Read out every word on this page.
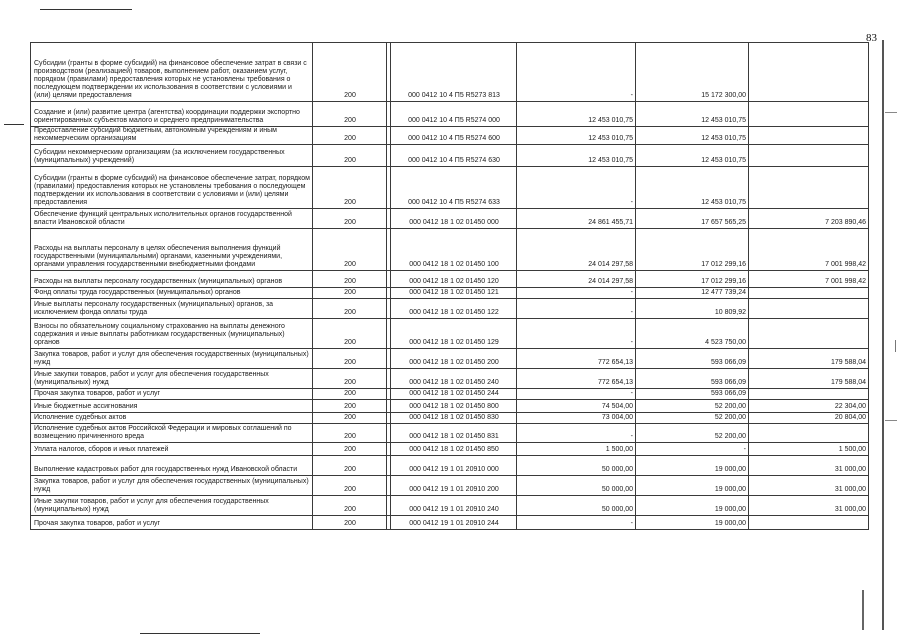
83
Субсидии (гранты в форме субсидий) на финансовое обеспечение затрат в связи с производством (реализацией) товаров, выполнением работ, оказанием услуг, порядком (правилами) предоставления которых не установлены требования о последующем подтверждении их использования в соответствии с условиями и (или) целями предоставления	200		000 0412 10 4 П5 R5273 813	-	15 172 300,00	
Создание и (или) развитие центра (агентства) координации поддержки экспортно ориентированных субъектов малого и среднего предпринимательства	200		000 0412 10 4 П5 R5274 000	12 453 010,75	12 453 010,75	
Предоставление субсидий бюджетным, автономным учреждениям и иным некоммерческим организациям	200		000 0412 10 4 П5 R5274 600	12 453 010,75	12 453 010,75	
Субсидии некоммерческим организациям (за исключением государственных (муниципальных) учреждений)	200		000 0412 10 4 П5 R5274 630	12 453 010,75	12 453 010,75	
Субсидии (гранты в форме субсидий) на финансовое обеспечение затрат, порядком (правилами) предоставления которых не установлены требования о последующем подтверждении их использования в соответствии с условиями и (или) целями предоставления	200		000 0412 10 4 П5 R5274 633	-	12 453 010,75	
Обеспечение функций центральных исполнительных органов государственной власти Ивановской области	200		000 0412 18 1 02 01450 000	24 861 455,71	17 657 565,25	7 203 890,46
Расходы на выплаты персоналу в целях обеспечения выполнения функций государственными (муниципальными) органами, казенными учреждениями, органами управления государственными внебюджетными фондами	200		000 0412 18 1 02 01450 100	24 014 297,58	17 012 299,16	7 001 998,42
Расходы на выплаты персоналу государственных (муниципальных) органов	200		000 0412 18 1 02 01450 120	24 014 297,58	17 012 299,16	7 001 998,42
Фонд оплаты труда государственных (муниципальных) органов	200		000 0412 18 1 02 01450 121	-	12 477 739,24	
Иные выплаты персоналу государственных (муниципальных) органов, за исключением фонда оплаты труда	200		000 0412 18 1 02 01450 122	-	10 809,92	
Взносы по обязательному социальному страхованию на выплаты денежного содержания и иные выплаты работникам государственных (муниципальных) органов	200		000 0412 18 1 02 01450 129	-	4 523 750,00	
Закупка товаров, работ и услуг для обеспечения государственных (муниципальных) нужд	200		000 0412 18 1 02 01450 200	772 654,13	593 066,09	179 588,04
Иные закупки товаров, работ и услуг для обеспечения государственных (муниципальных) нужд	200		000 0412 18 1 02 01450 240	772 654,13	593 066,09	179 588,04
Прочая закупка товаров, работ и услуг	200		000 0412 18 1 02 01450 244	-	593 066,09	
Иные бюджетные ассигнования	200		000 0412 18 1 02 01450 800	74 504,00	52 200,00	22 304,00
Исполнение судебных актов	200		000 0412 18 1 02 01450 830	73 004,00	52 200,00	20 804,00
Исполнение судебных актов Российской Федерации и мировых соглашений по возмещению причиненного вреда	200		000 0412 18 1 02 01450 831	-	52 200,00	
Уплата налогов, сборов и иных платежей	200		000 0412 18 1 02 01450 850	1 500,00	-	1 500,00
Выполнение кадастровых работ для государственных нужд Ивановской области	200		000 0412 19 1 01 20910 000	50 000,00	19 000,00	31 000,00
Закупка товаров, работ и услуг для обеспечения государственных (муниципальных) нужд	200		000 0412 19 1 01 20910 200	50 000,00	19 000,00	31 000,00
Иные закупки товаров, работ и услуг для обеспечения государственных (муниципальных) нужд	200		000 0412 19 1 01 20910 240	50 000,00	19 000,00	31 000,00
Прочая закупка товаров, работ и услуг	200		000 0412 19 1 01 20910 244	-	19 000,00	
